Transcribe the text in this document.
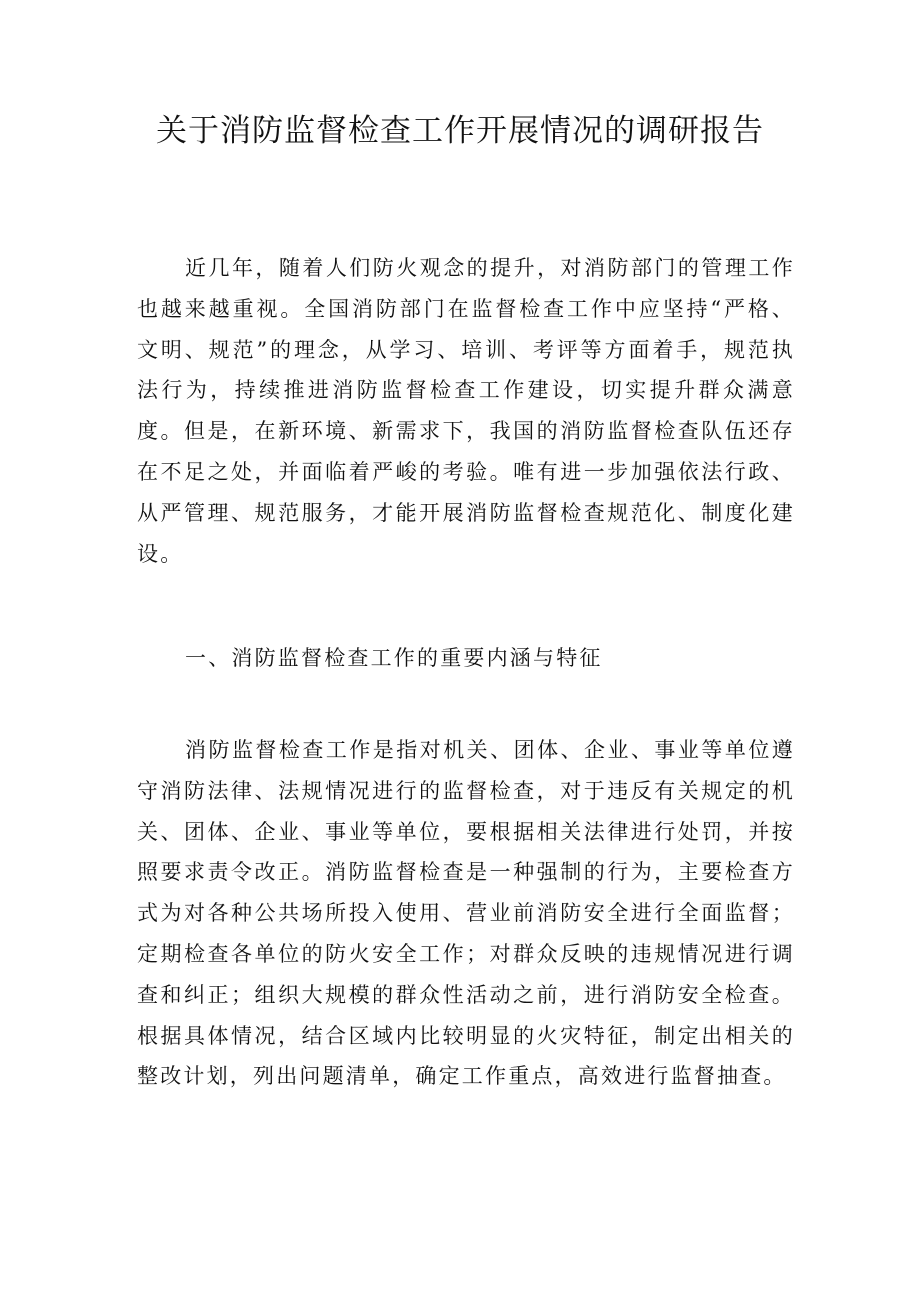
关于消防监督检查工作开展情况的调研报告

近几年，随着人们防火观念的提升，对消防部门的管理工作也越来越重视。全国消防部门在监督检查工作中应坚持“严格、文明、规范”的理念，从学习、培训、考评等方面着手，规范执法行为，持续推进消防监督检查工作建设，切实提升群众满意度。但是，在新环境、新需求下，我国的消防监督检查队伍还存在不足之处，并面临着严峻的考验。唯有进一步加强依法行政、从严管理、规范服务，才能开展消防监督检查规范化、制度化建设。

一、消防监督检查工作的重要内涵与特征

消防监督检查工作是指对机关、团体、企业、事业等单位遵守消防法律、法规情况进行的监督检查，对于违反有关规定的机关、团体、企业、事业等单位，要根据相关法律进行处罚，并按照要求责令改正。消防监督检查是一种强制的行为，主要检查方式为对各种公共场所投入使用、营业前消防安全进行全面监督；定期检查各单位的防火安全工作；对群众反映的违规情况进行调查和纠正；组织大规模的群众性活动之前，进行消防安全检查。根据具体情况，结合区域内比较明显的火灾特征，制定出相关的整改计划，列出问题清单，确定工作重点，高效进行监督抽查。
